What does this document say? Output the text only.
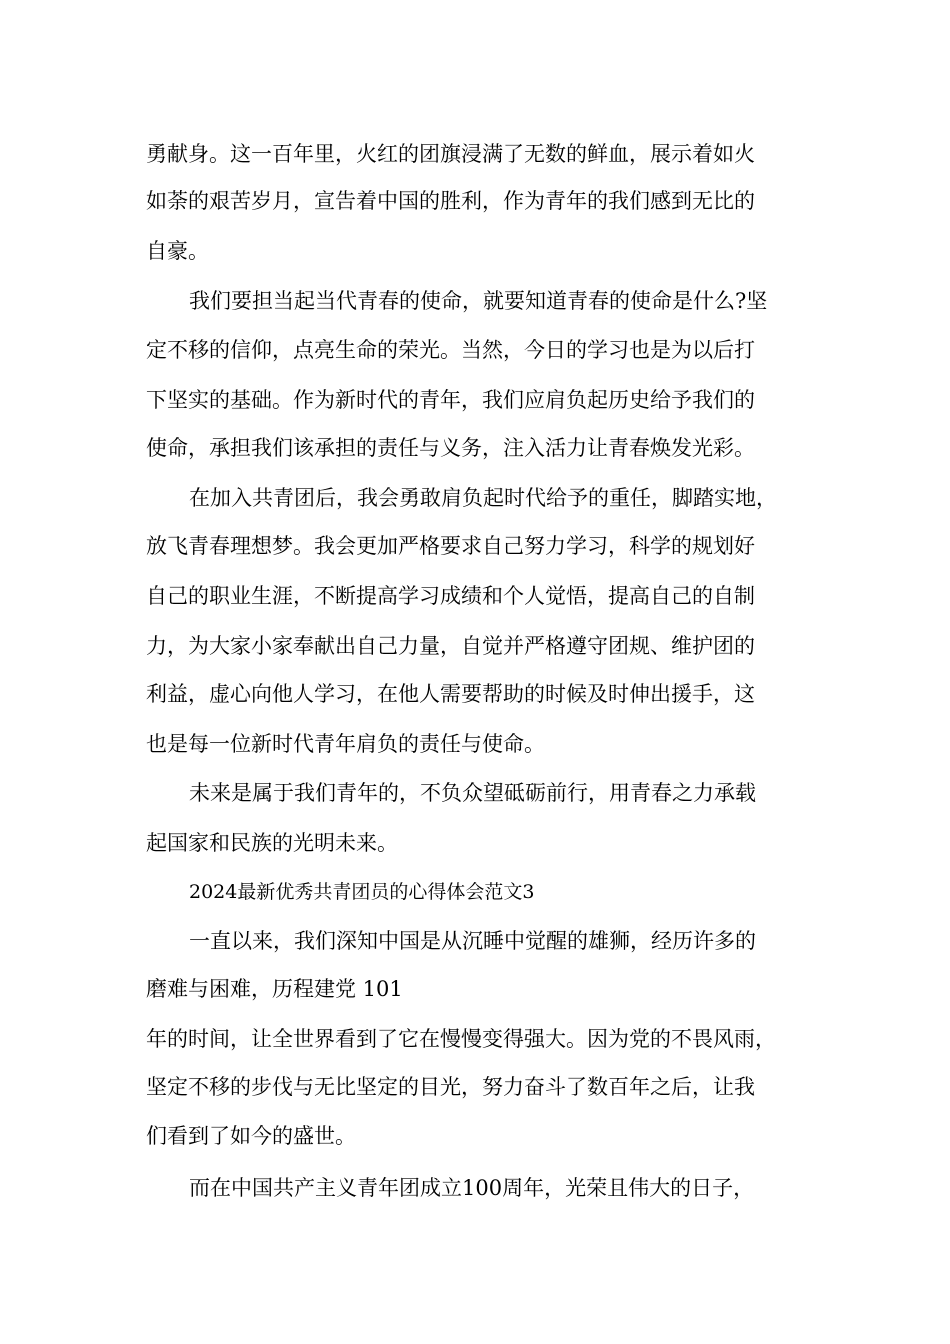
勇献身。这一百年里，火红的团旗浸满了无数的鲜血，展示着如火
如荼的艰苦岁月，宣告着中国的胜利，作为青年的我们感到无比的
自豪。
我们要担当起当代青春的使命，就要知道青春的使命是什么?坚
定不移的信仰，点亮生命的荣光。当然，今日的学习也是为以后打
下坚实的基础。作为新时代的青年，我们应肩负起历史给予我们的
使命，承担我们该承担的责任与义务，注入活力让青春焕发光彩。
在加入共青团后，我会勇敢肩负起时代给予的重任，脚踏实地，
放飞青春理想梦。我会更加严格要求自己努力学习，科学的规划好
自己的职业生涯，不断提高学习成绩和个人觉悟，提高自己的自制
力，为大家小家奉献出自己力量，自觉并严格遵守团规、维护团的
利益，虚心向他人学习，在他人需要帮助的时候及时伸出援手，这
也是每一位新时代青年肩负的责任与使命。
未来是属于我们青年的，不负众望砥砺前行，用青春之力承载
起国家和民族的光明未来。
2024最新优秀共青团员的心得体会范文3
一直以来，我们深知中国是从沉睡中觉醒的雄狮，经历许多的
磨难与困难，历程建党 101
年的时间，让全世界看到了它在慢慢变得强大。因为党的不畏风雨，
坚定不移的步伐与无比坚定的目光，努力奋斗了数百年之后，让我
们看到了如今的盛世。
而在中国共产主义青年团成立100周年，光荣且伟大的日子，
